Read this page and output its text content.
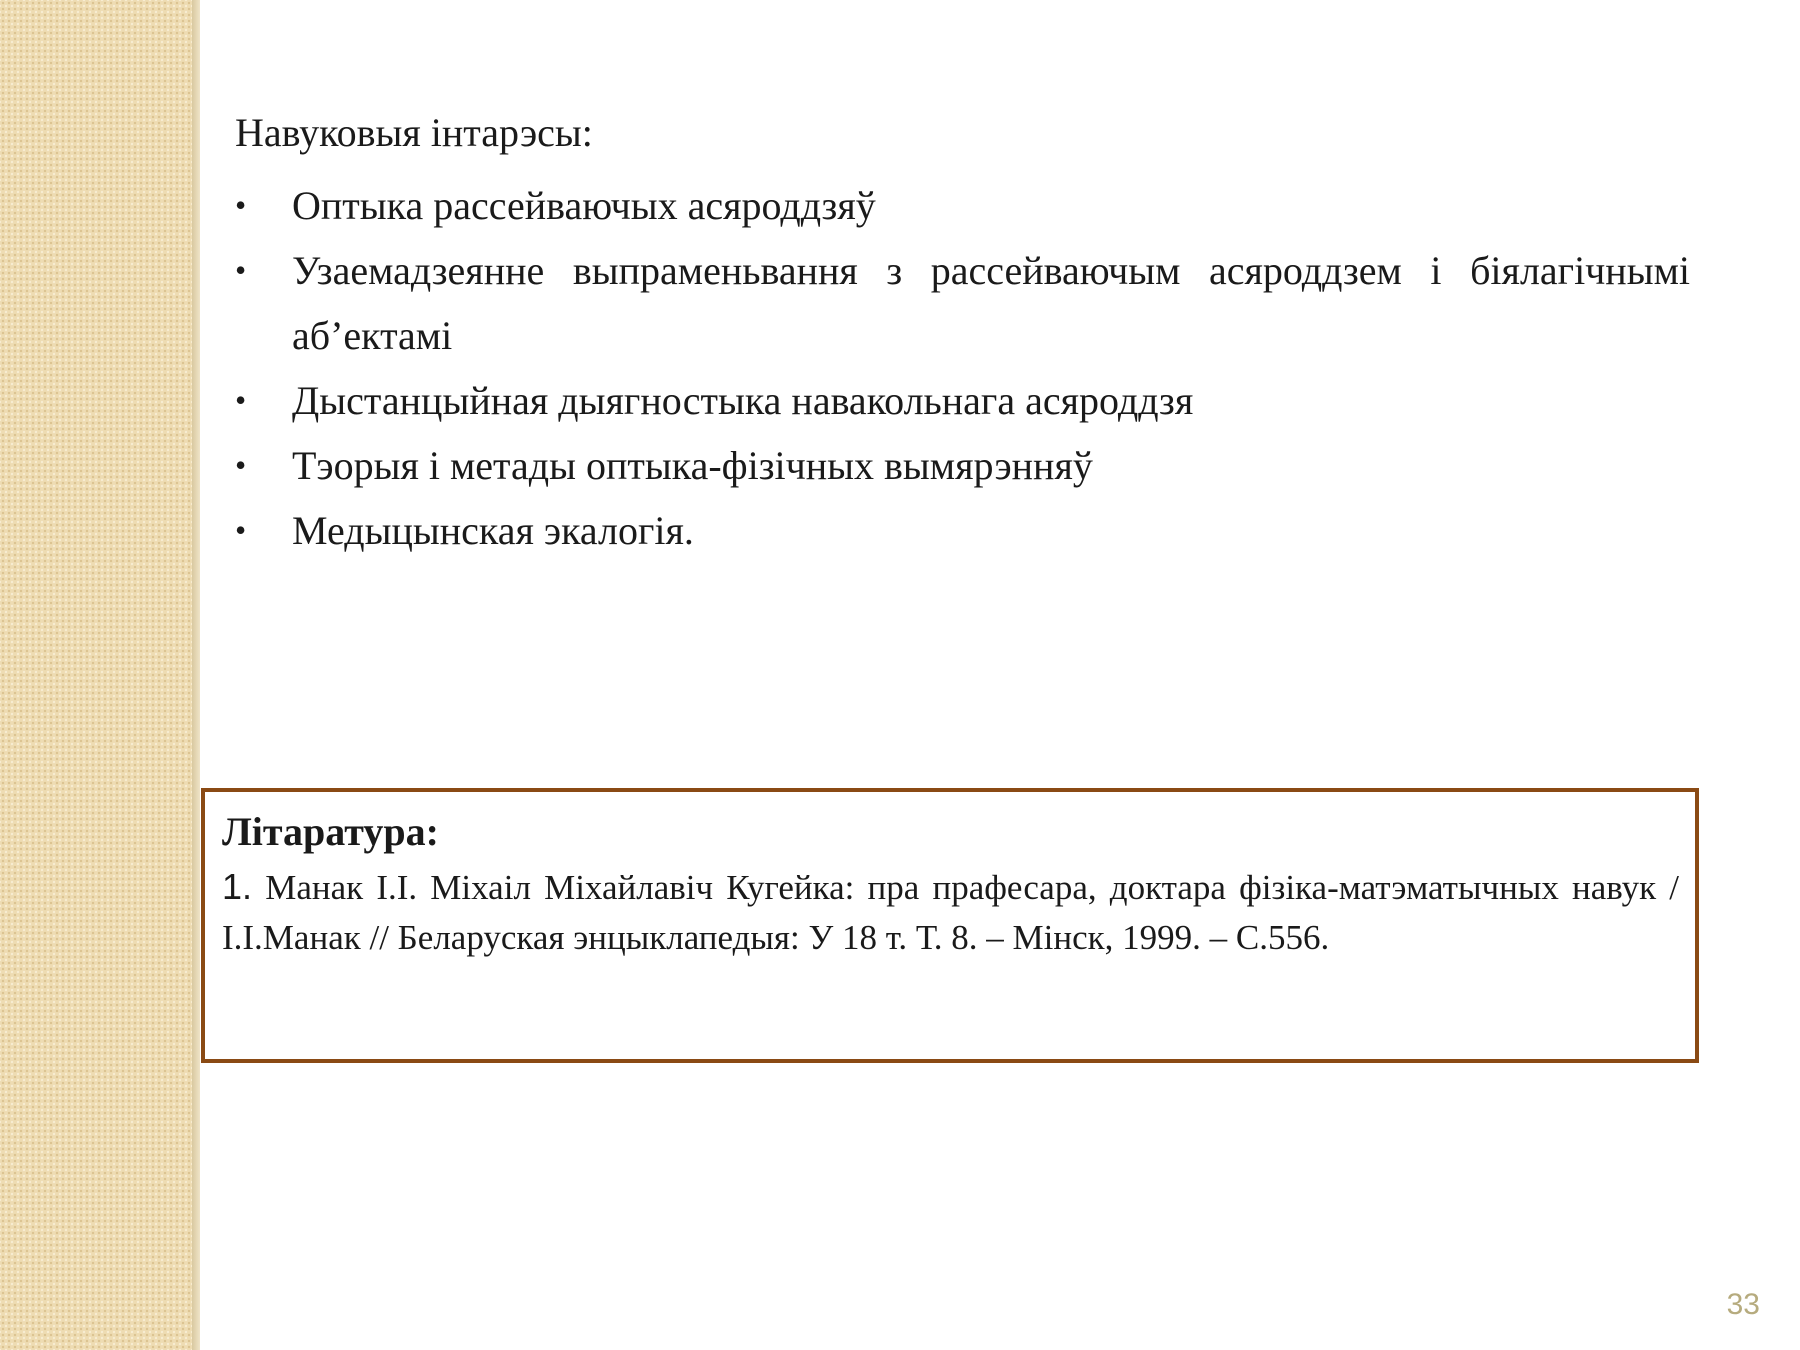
Навуковыя інтарэсы:
• Оптыка рассейваючых асяроддзяў
• Узаемадзеянне выпраменьвання з рассейваючым асяроддзем і біялагічнымі аб’ектамі
• Дыстанцыйная дыягностыка навакольнага асяроддзя
• Тэорыя і метады оптыка-фізічных вымярэнняў
• Медыцынская экалогія.
Літаратура:
1. Манак І.І. Міхаіл Міхайлавіч Кугейка: пра прафесара, доктара фізіка-матэматычных навук / І.І.Манак // Беларуская энцыклапедыя: У 18 т. Т. 8. – Мінск, 1999. – С.556.
33
